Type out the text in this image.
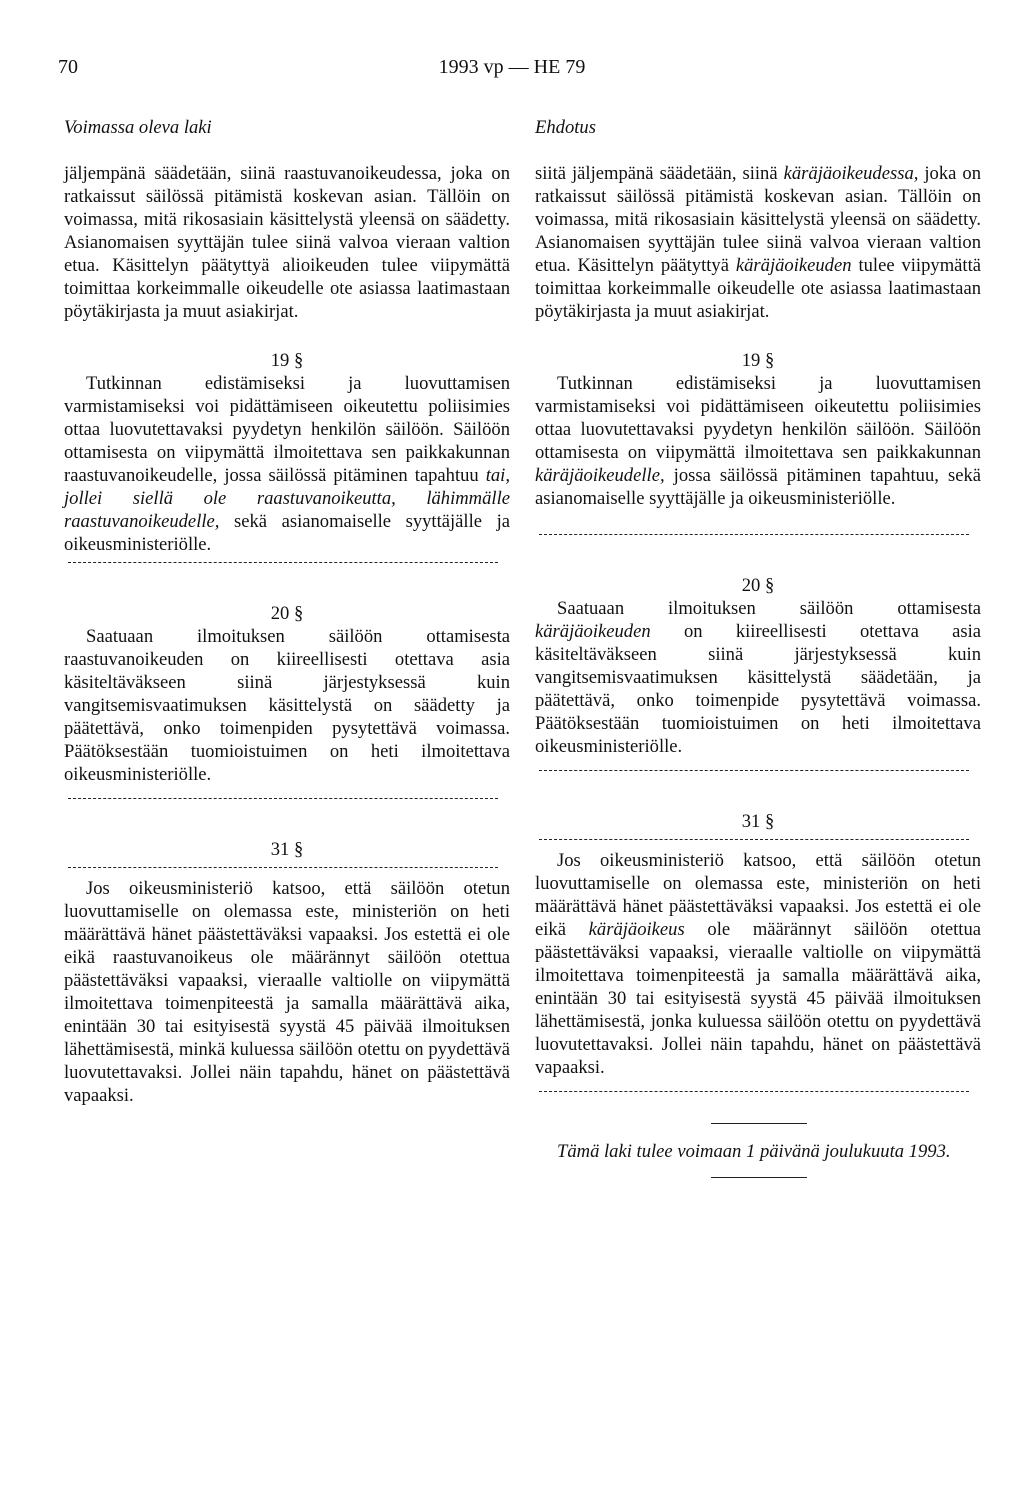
70	1993 vp — HE 79
Voimassa oleva laki

jäljempänä säädetään, siinä raastuvanoikeudessa, joka on ratkaissut säilössä pitämistä koskevan asian. Tällöin on voimassa, mitä rikosasiain käsittelystä yleensä on säädetty. Asianomaisen syyttäjän tulee siinä valvoa vieraan valtion etua. Käsittelyn päätyttyä alioikeuden tulee viipymättä toimittaa korkeimmalle oikeudelle ote asiassa laatimastaan pöytäkirjasta ja muut asiakirjat.

19 §

Tutkinnan edistämiseksi ja luovuttamisen varmistamiseksi voi pidättämiseen oikeutettu poliisimies ottaa luovutettavaksi pyydetyn henkilön säilöön. Säilöön ottamisesta on viipymättä ilmoitettava sen paikkakunnan raastuvanoikeudelle, jossa säilössä pitäminen tapahtuu tai, jollei siellä ole raastuvanoikeutta, lähimmälle raastuvanoikeudelle, sekä asianomaiselle syyttäjälle ja oikeusministeriölle.

20 §

Saatuaan ilmoituksen säilöön ottamisesta raastuvanoikeuden on kiireellisesti otettava asia käsiteltäväkseen siinä järjestyksessä kuin vangitsemisvaatimuksen käsittelystä on säädetty ja päätettävä, onko toimenpiden pysytettävä voimassa. Päätöksestään tuomioistuimen on heti ilmoitettava oikeusministeriölle.

31 §

Jos oikeusministeriö katsoo, että säilöön otetun luovuttamiselle on olemassa este, ministeriön on heti määrättävä hänet päästettäväksi vapaaksi. Jos estettä ei ole eikä raastuvanoikeus ole määrännyt säilöön otettua päästettäväksi vapaaksi, vieraalle valtiolle on viipymättä ilmoitettava toimenpiteestä ja samalla määrättävä aika, enintään 30 tai esityisestä syystä 45 päivää ilmoituksen lähettämisestä, minkä kuluessa säilöön otettu on pyydettävä luovutettavaksi. Jollei näin tapahdu, hänet on päästettävä vapaaksi.

Ehdotus

siitä jäljempänä säädetään, siinä käräjäoikeudessa, joka on ratkaissut säilössä pitämistä koskevan asian. Tällöin on voimassa, mitä rikosasiain käsittelystä yleensä on säädetty. Asianomaisen syyttäjän tulee siinä valvoa vieraan valtion etua. Käsittelyn päätyttyä käräjäoikeuden tulee viipymättä toimittaa korkeimmalle oikeudelle ote asiassa laatimastaan pöytäkirjasta ja muut asiakirjat.

19 §

Tutkinnan edistämiseksi ja luovuttamisen varmistamiseksi voi pidättämiseen oikeutettu poliisimies ottaa luovutettavaksi pyydetyn henkilön säilöön. Säilöön ottamisesta on viipymättä ilmoitettava sen paikkakunnan käräjäoikeudelle, jossa säilössä pitäminen tapahtuu, sekä asianomaiselle syyttäjälle ja oikeusministeriölle.

20 §

Saatuaan ilmoituksen säilöön ottamisesta käräjäoikeuden on kiireellisesti otettava asia käsiteltäväkseen siinä järjestyksessä kuin vangitsemisvaatimuksen käsittelystä säädetään, ja päätettävä, onko toimenpide pysytettävä voimassa. Päätöksestään tuomioistuimen on heti ilmoitettava oikeusministeriölle.

31 §

Jos oikeusministeriö katsoo, että säilöön otetun luovuttamiselle on olemassa este, ministeriön on heti määrättävä hänet päästettäväksi vapaaksi. Jos estettä ei ole eikä käräjäoikeus ole määrännyt säilöön otettua päästettäväksi vapaaksi, vieraalle valtiolle on viipymättä ilmoitettava toimenpiteestä ja samalla määrättävä aika, enintään 30 tai esityisestä syystä 45 päivää ilmoituksen lähettämisestä, jonka kuluessa säilöön otettu on pyydettävä luovutettavaksi. Jollei näin tapahdu, hänet on päästettävä vapaaksi.

Tämä laki tulee voimaan 1 päivänä joulukuuta 1993.
